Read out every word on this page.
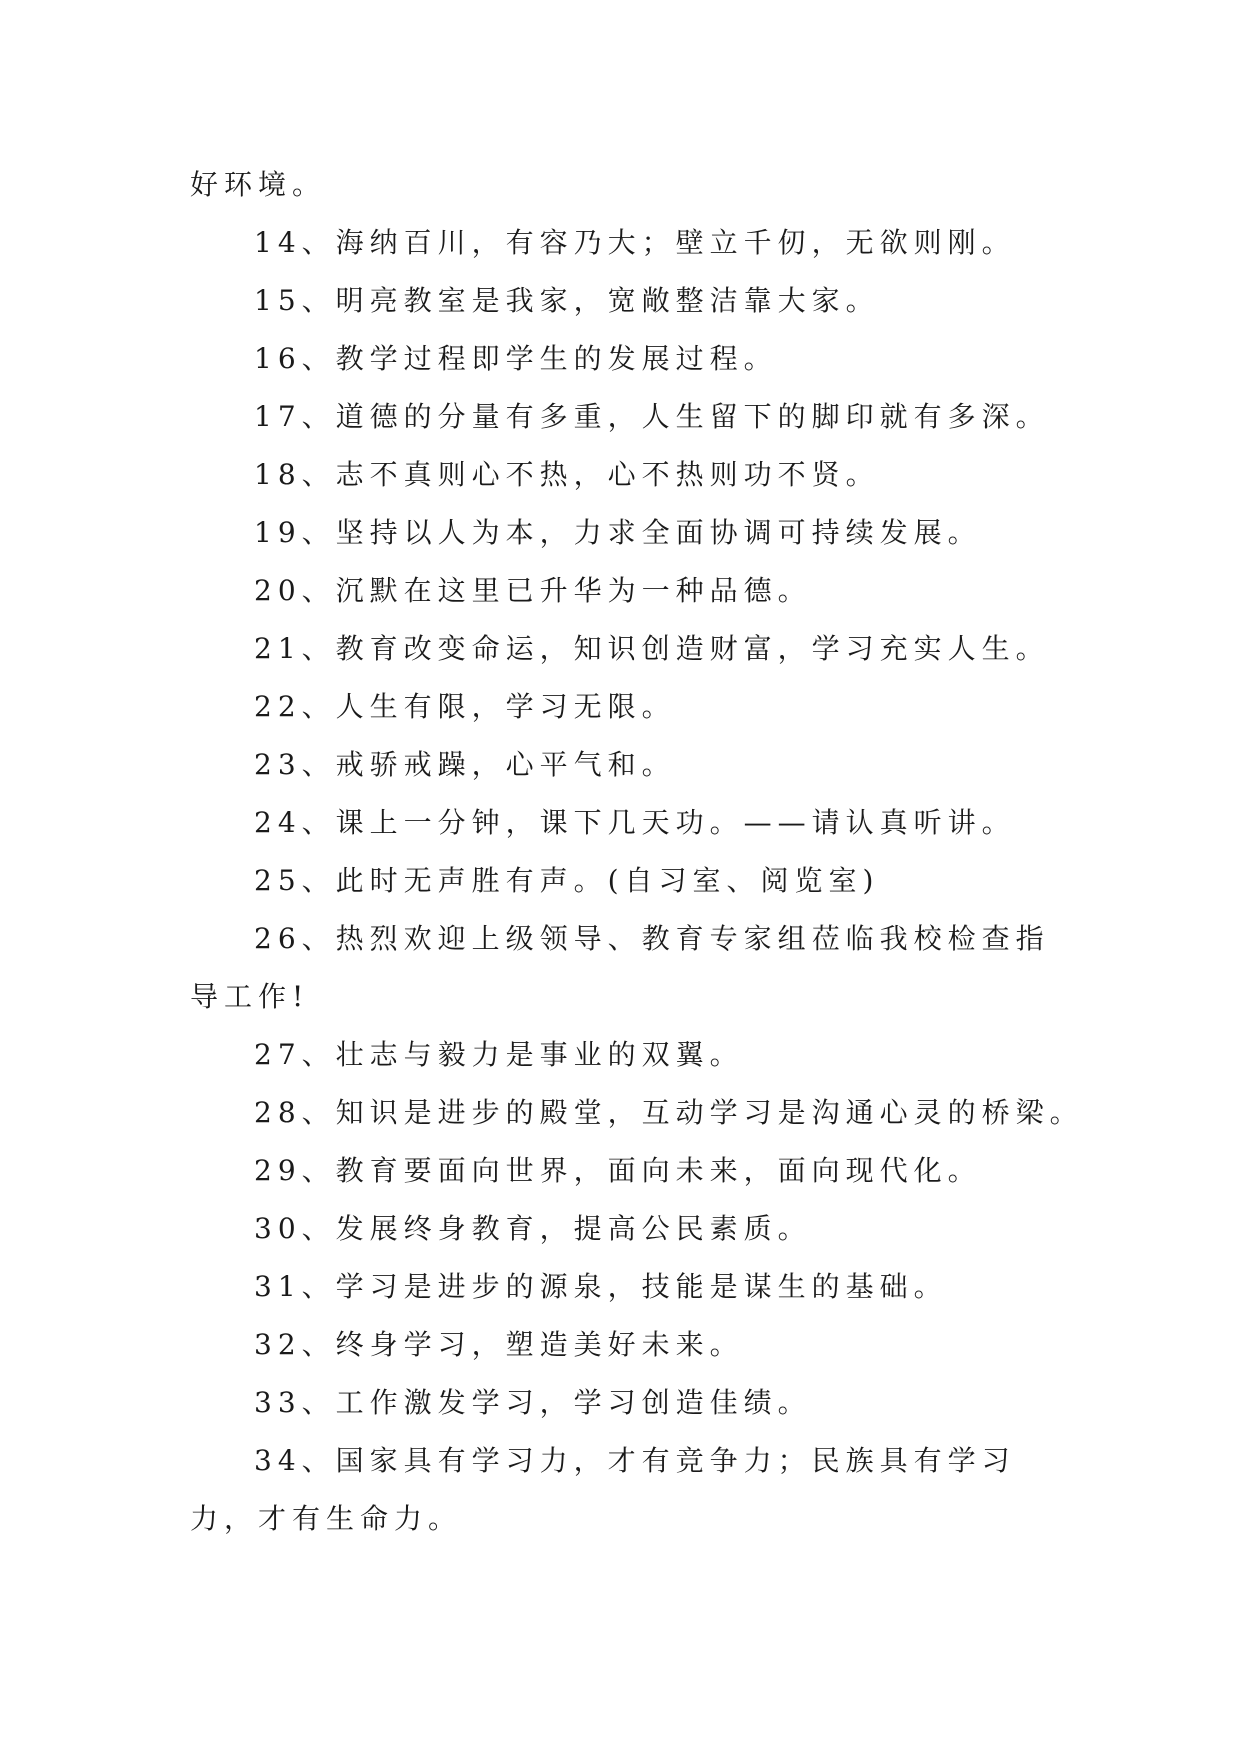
好环境。

14、海纳百川，有容乃大；壁立千仞，无欲则刚。

15、明亮教室是我家，宽敞整洁靠大家。

16、教学过程即学生的发展过程。

17、道德的分量有多重，人生留下的脚印就有多深。

18、志不真则心不热，心不热则功不贤。

19、坚持以人为本，力求全面协调可持续发展。

20、沉默在这里已升华为一种品德。

21、教育改变命运，知识创造财富，学习充实人生。

22、人生有限，学习无限。

23、戒骄戒躁，心平气和。

24、课上一分钟，课下几天功。——请认真听讲。

25、此时无声胜有声。(自习室、阅览室)

26、热烈欢迎上级领导、教育专家组莅临我校检查指导工作!

27、壮志与毅力是事业的双翼。

28、知识是进步的殿堂，互动学习是沟通心灵的桥梁。

29、教育要面向世界，面向未来，面向现代化。

30、发展终身教育，提高公民素质。

31、学习是进步的源泉，技能是谋生的基础。

32、终身学习，塑造美好未来。

33、工作激发学习，学习创造佳绩。

34、国家具有学习力，才有竞争力；民族具有学习力，才有生命力。
